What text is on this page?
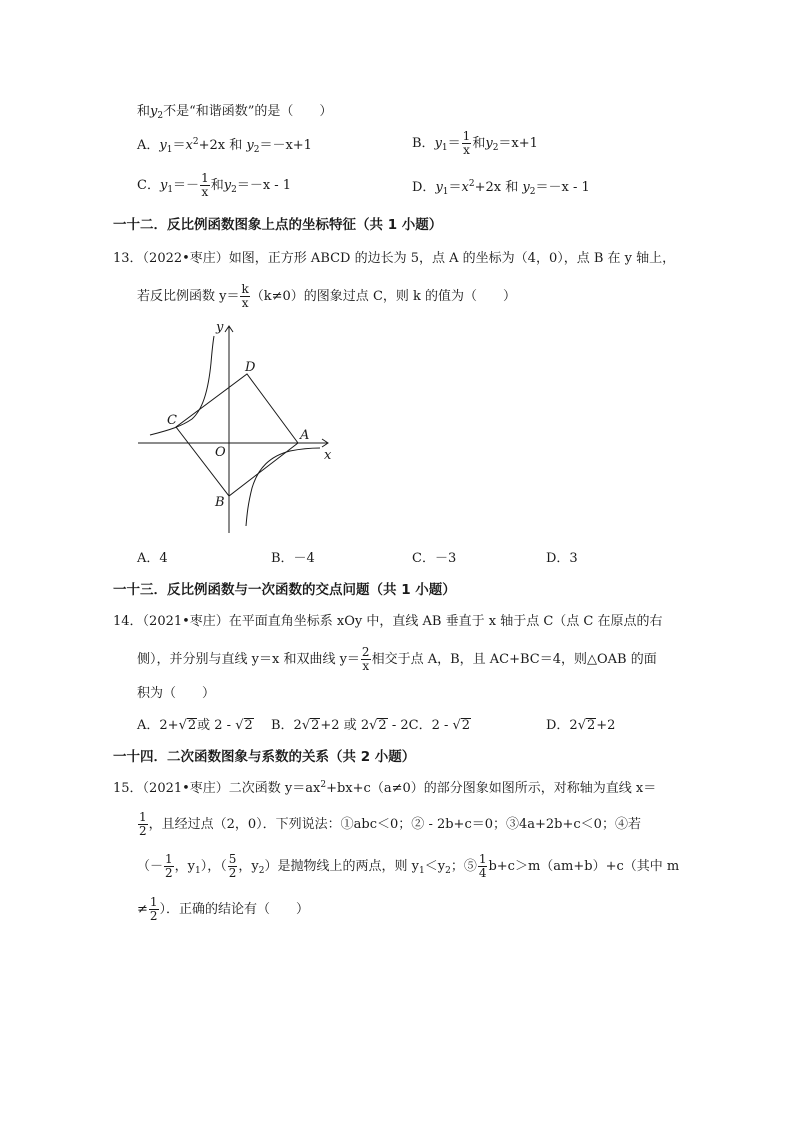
和$y_2$不是“和谐函数”的是（　　）
A．$y_1=x^2+2x$ 和 $y_2=-x+1$	B．$y_1= \frac{1}{x}$ 和$y_2=x+1$
C．$y_1=- \frac{1}{x}$ 和$y_2=-x - 1$	D．$y_1=x^2+2x$ 和 $y_2=-x - 1$
一十二．反比例函数图象上点的坐标特征（共 1 小题）
13．（2022•枣庄）如图，正方形 ABCD 的边长为 5，点 A 的坐标为（4，0），点 B 在 y 轴上，
若反比例函数 $y= \frac{k}{x} (k\ne 0)$的图象过点 C，则 k 的值为（　　）
y
x
O
A
B
C
D
A．4	B．－4	C．－3	D．3
一十三．反比例函数与一次函数的交点问题（共 1 小题）
14．（2021•枣庄）在平面直角坐标系 xOy 中，直线 AB 垂直于 x 轴于点 C（点 C 在原点的右
侧），并分别与直线 y＝x 和双曲线 $y= \frac{2}{x}$ 相交于点 A，B，且 AC+BC＝4，则△OAB 的面
积为（　　）
A．2+√2或 2 - √2 B．2√2+2 或 2√2 - 2C．2 - √2	D．2√2+2
一十四．二次函数图象与系数的关系（共 2 小题）
15．（2021•枣庄）二次函数 $y=ax^2+bx+c(a\ne 0)$的部分图象如图所示，对称轴为直线 x＝
$\frac{1}{2}$ ，且经过点（2，0）．下列说法：①abc＜0；② - 2b+c＝0；③4a+2b+c＜0；④若
（－ $\frac{1}{2}$ ，$y_1$），（ $\frac{5}{2}$ ，$y_2$）是抛物线上的两点，则 $y_1<y_2$；⑤ $\frac{1}{4} b+c>m(am+b)+c$（其中 m
≠ $\frac{1}{2}$ ）．正确的结论有（　　）
